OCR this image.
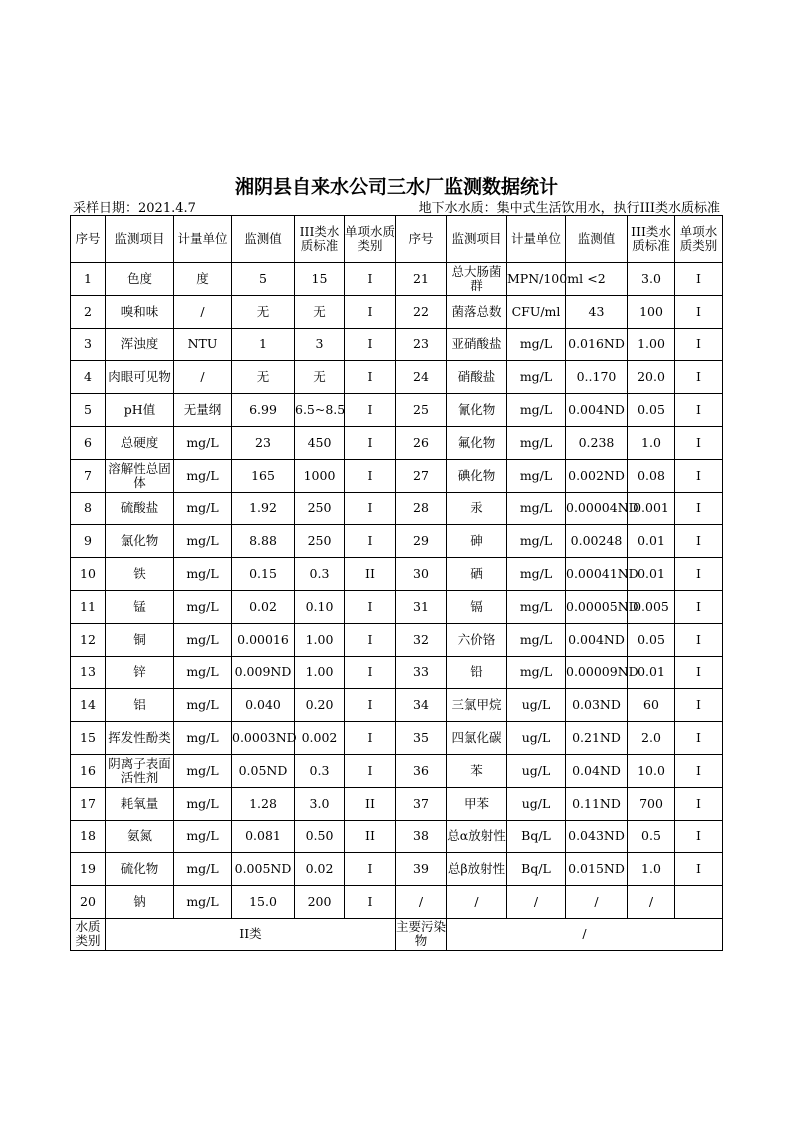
湘阴县自来水公司三水厂监测数据统计
采样日期：2021.4.7	地下水水质：集中式生活饮用水，执行III类水质标准
序号	监测项目	计量单位	监测值	III类水质标准	单项水质类别	序号	监测项目	计量单位	监测值	III类水质标准	单项水质类别
1	色度	度	5	15	I	21	总大肠菌群	MPN/100ml	<2	3.0	I
2	嗅和味	/	无	无	I	22	菌落总数	CFU/ml	43	100	I
3	浑浊度	NTU	1	3	I	23	亚硝酸盐	mg/L	0.016ND	1.00	I
4	肉眼可见物	/	无	无	I	24	硝酸盐	mg/L	0..170	20.0	I
5	pH值	无量纲	6.99	6.5~8.5	I	25	氰化物	mg/L	0.004ND	0.05	I
6	总硬度	mg/L	23	450	I	26	氟化物	mg/L	0.238	1.0	I
7	溶解性总固体	mg/L	165	1000	I	27	碘化物	mg/L	0.002ND	0.08	I
8	硫酸盐	mg/L	1.92	250	I	28	汞	mg/L	0.00004ND	0.001	I
9	氯化物	mg/L	8.88	250	I	29	砷	mg/L	0.00248	0.01	I
10	铁	mg/L	0.15	0.3	II	30	硒	mg/L	0.00041ND	0.01	I
11	锰	mg/L	0.02	0.10	I	31	镉	mg/L	0.00005ND	0.005	I
12	铜	mg/L	0.00016	1.00	I	32	六价铬	mg/L	0.004ND	0.05	I
13	锌	mg/L	0.009ND	1.00	I	33	铅	mg/L	0.00009ND	0.01	I
14	铝	mg/L	0.040	0.20	I	34	三氯甲烷	ug/L	0.03ND	60	I
15	挥发性酚类	mg/L	0.0003ND	0.002	I	35	四氯化碳	ug/L	0.21ND	2.0	I
16	阴离子表面活性剂	mg/L	0.05ND	0.3	I	36	苯	ug/L	0.04ND	10.0	I
17	耗氧量	mg/L	1.28	3.0	II	37	甲苯	ug/L	0.11ND	700	I
18	氨氮	mg/L	0.081	0.50	II	38	总α放射性	Bq/L	0.043ND	0.5	I
19	硫化物	mg/L	0.005ND	0.02	I	39	总β放射性	Bq/L	0.015ND	1.0	I
20	钠	mg/L	15.0	200	I	/	/	/	/	/	
水质类别	II类					主要污染物	/				
